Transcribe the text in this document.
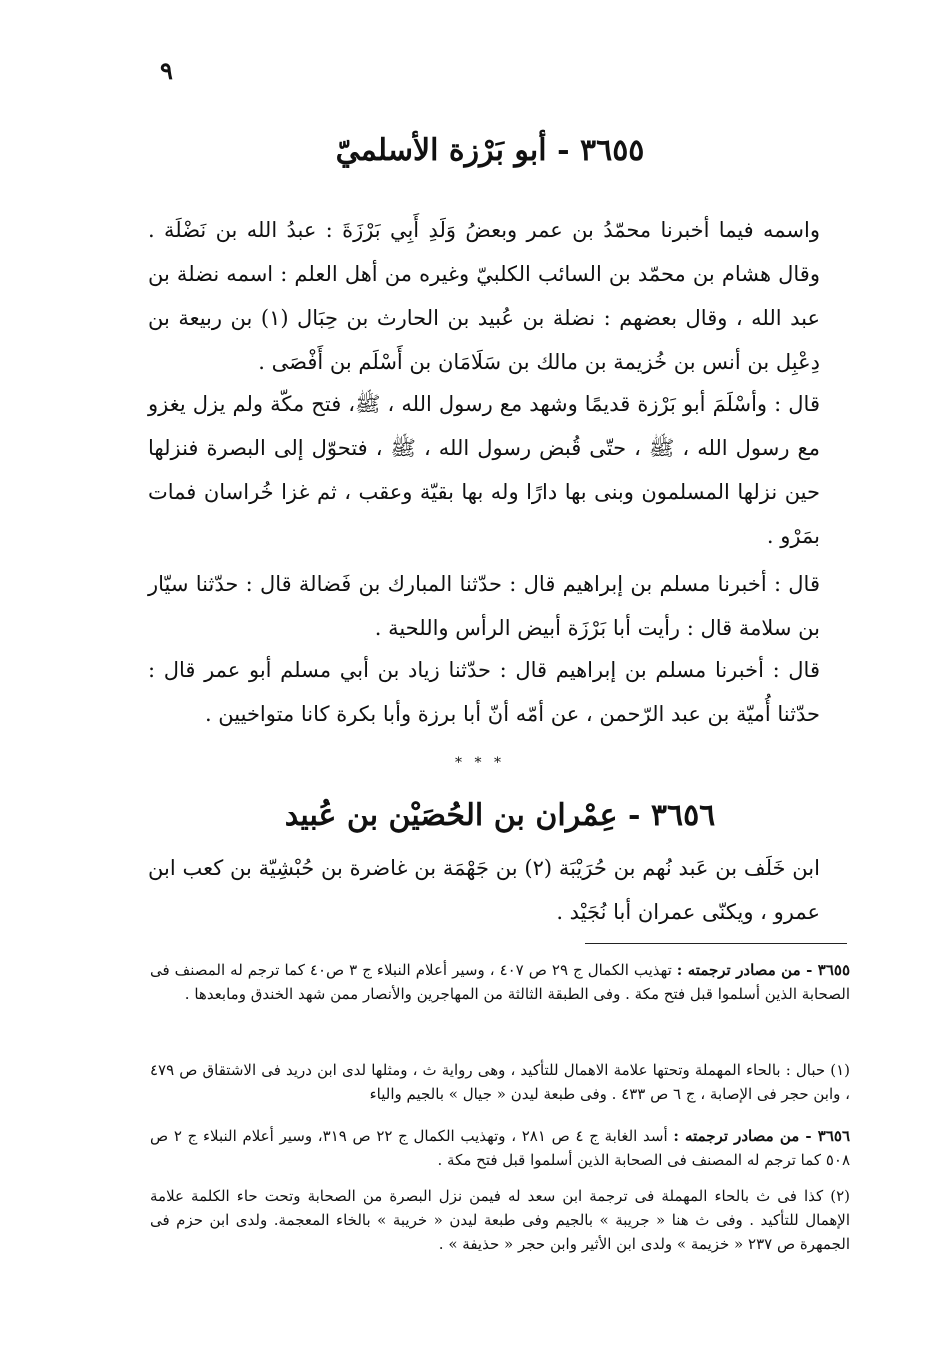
٩
٣٦٥٥ - أبو بَرْزة الأسلميّ

واسمه فيما أخبرنا محمّدُ بن عمر وبعضُ وَلَدِ أَبِي بَرْزَةَ : عبدُ الله بن نَضْلَة . وقال هشام بن محمّد بن السائب الكلبيّ وغيره من أهل العلم : اسمه نضلة بن عبد الله ، وقال بعضهم : نضلة بن عُبيد بن الحارث بن حِبَال (١) بن ربيعة بن دِعْبِل بن أنس بن خُزيمة بن مالك بن سَلَامَان بن أَسْلَم بن أَفْصَى .

قال : وأسْلَمَ أبو بَرْزة قديمًا وشهد مع رسول الله ، ﷺ، فتح مكّة ولم يزل يغزو مع رسول الله ، ﷺ ، حتّى قُبض رسول الله ، ﷺ ، فتحوّل إلى البصرة فنزلها حين نزلها المسلمون وبنى بها دارًا وله بها بقيّة وعقب ، ثم غزا خُراسان فمات بمَرْو .

قال : أخبرنا مسلم بن إبراهيم قال : حدّثنا المبارك بن فَضالة قال : حدّثنا سيّار بن سلامة قال : رأيت أبا بَرْزَة أبيض الرأس واللحية .

قال : أخبرنا مسلم بن إبراهيم قال : حدّثنا زياد بن أبي مسلم أبو عمر قال : حدّثنا أُميّة بن عبد الرّحمن ، عن أمّه أنّ أبا برزة وأبا بكرة كانا متواخيين .

* * *
٣٦٥٦ - عِمْران بن الحُصَيْن بن عُبيد

ابن خَلَف بن عَبد نُهم بن حُرَيْبَة (٢) بن جَهْمَة بن غاضرة بن حُبْشِيّة بن كعب ابن عمرو ، ويكنّى عمران أبا نُجَيْد .

٣٦٥٥ - من مصادر ترجمته : تهذيب الكمال ج ٢٩ ص ٤٠٧ ، وسير أعلام النبلاء ج ٣ ص٤٠ كما ترجم له المصنف فى الصحابة الذين أسلموا قبل فتح مكة . وفى الطبقة الثالثة من المهاجرين والأنصار ممن شهد الخندق ومابعدها .
(١) حبال : بالحاء المهملة وتحتها علامة الاهمال للتأكيد ، وهى رواية ث ، ومثلها لدى ابن دريد فى الاشتقاق ص ٤٧٩ ، وابن حجر فى الإصابة ، ج ٦ ص ٤٣٣ . وفى طبعة ليدن « جيال » بالجيم والياء
٣٦٥٦ - من مصادر ترجمته : أسد الغابة ج ٤ ص ٢٨١ ، وتهذيب الكمال ج ٢٢ ص ٣١٩، وسير أعلام النبلاء ج ٢ ص ٥٠٨ كما ترجم له المصنف فى الصحابة الذين أسلموا قبل فتح مكة .
(٢) كذا فى ث بالحاء المهملة فى ترجمة ابن سعد له فيمن نزل البصرة من الصحابة وتحت حاء الكلمة علامة الإهمال للتأكيد . وفى ث هنا « جريبة » بالجيم وفى طبعة ليدن « خريبة » بالخاء المعجمة. ولدى ابن حزم فى الجمهرة ص ٢٣٧ « خزيمة » ولدى ابن الأثير وابن حجر « حذيفة » .
